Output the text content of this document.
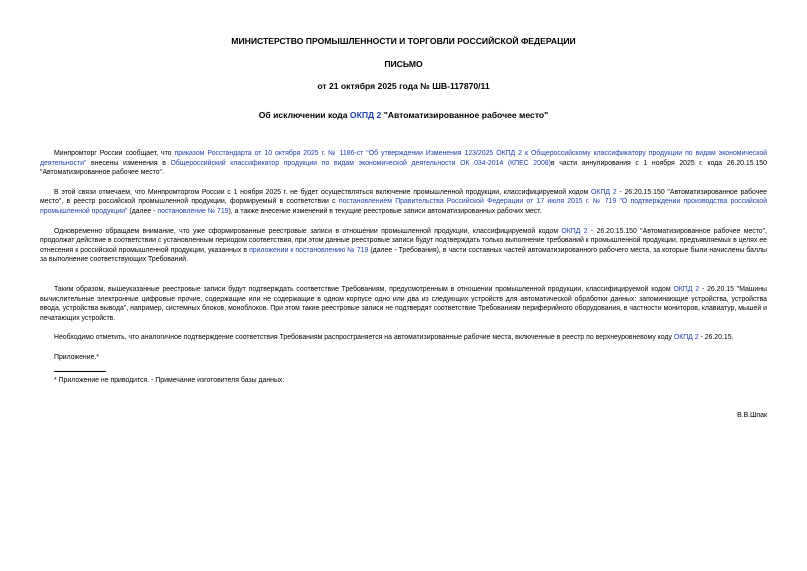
МИНИСТЕРСТВО ПРОМЫШЛЕННОСТИ И ТОРГОВЛИ РОССИЙСКОЙ ФЕДЕРАЦИИ
ПИСЬМО
от 21 октября 2025 года № ШВ-117870/11
Об исключении кода ОКПД 2 "Автоматизированное рабочее место"

Минпромторг России сообщает, что приказом Росстандарта от 10 октября 2025 г. № 1186-ст "Об утверждении Изменения 123/2025 ОКПД 2 к Общероссийскому классификатору продукции по видам экономической деятельности" внесены изменения в Общероссийский классификатор продукции по видам экономической деятельности ОК 034-2014 (КПЕС 2008)в части аннулирования с 1 ноября 2025 г. кода 26.20.15.150 "Автоматизированное рабочее место".

В этой связи отмечаем, что Минпромторгом России с 1 ноября 2025 г. не будет осуществляться включение промышленной продукции, классифицируемой кодом ОКПД 2 - 26.20.15.150 "Автоматизированное рабочее место", в реестр российской промышленной продукции, формируемый в соответствии с постановлением Правительства Российской Федерации от 17 июля 2015 г. № 719 "О подтверждении производства российской промышленной продукции" (далее - постановление № 719), а также внесение изменений в текущие реестровые записи автоматизированных рабочих мест.

Одновременно обращаем внимание, что уже сформированные реестровые записи в отношении промышленной продукции, классифицируемой кодом ОКПД 2 - 26.20.15.150 "Автоматизированное рабочее место", продолжат действие в соответствии с установленным периодом соответствия, при этом данные реестровые записи будут подтверждать только выполнение требований к промышленной продукции, предъявляемых в целях ее отнесения к российской промышленной продукции, указанных в приложении к постановлению № 719 (далее - Требования), в части составных частей автоматизированного рабочего места, за которые были начислены баллы за выполнение соответствующих Требований.

Таким образом, вышеуказанные реестровые записи будут подтверждать соответствие Требованиям, предусмотренным в отношении промышленной продукции, классифицируемой кодом ОКПД 2 - 26.20.15 "Машины вычислительные электронные цифровые прочие, содержащие или не содержащие в одном корпусе одно или два из следующих устройств для автоматической обработки данных: запоминающие устройства, устройства ввода, устройства вывода", например, системных блоков, моноблоков. При этом такие реестровые записи не подтвердят соответствие Требованиям периферийного оборудования, в частности мониторов, клавиатур, мышей и печатающих устройств.

Необходимо отметить, что аналогичное подтверждение соответствия Требованиям распространяется на автоматизированные рабочие места, включенные в реестр по верхнеуровневому коду ОКПД 2 - 26.20.15.

Приложение.*

* Приложение не приводится. - Примечание изготовителя базы данных.
В.В.Шпак
